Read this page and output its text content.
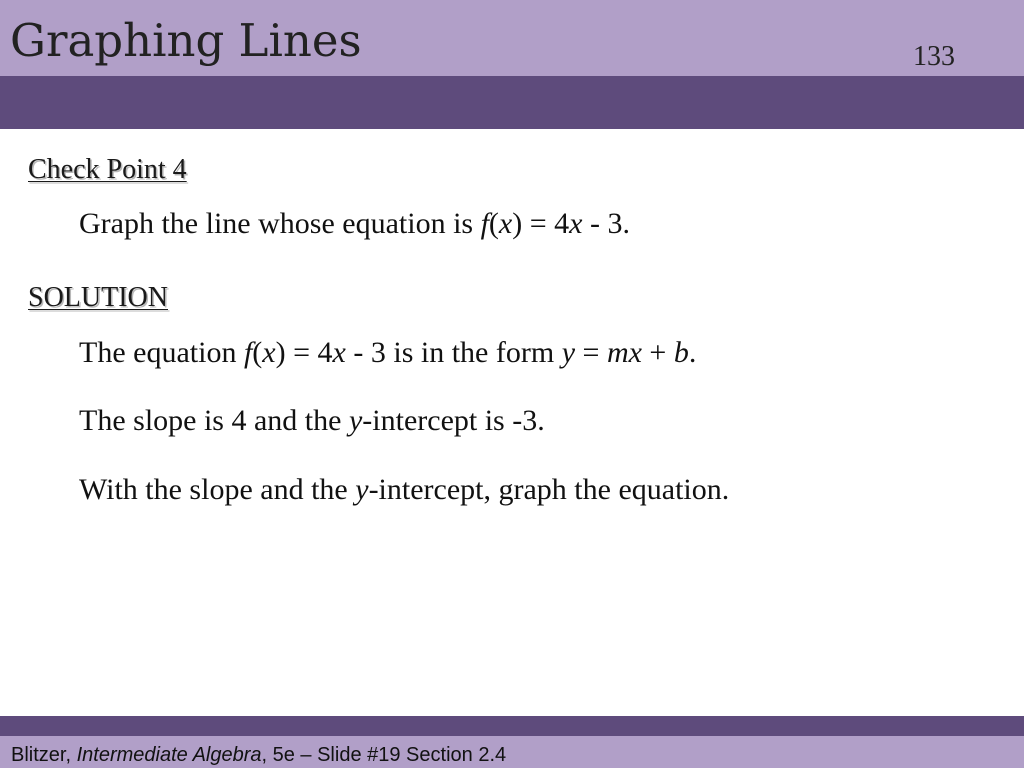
Graphing Lines	133
Check Point 4
Graph the line whose equation is f(x) = 4x - 3.
SOLUTION
The equation f(x) = 4x - 3 is in the form y = mx + b.
The slope is 4 and the y-intercept is -3.
With the slope and the y-intercept, graph the equation.
Blitzer, Intermediate Algebra, 5e – Slide #19 Section 2.4
